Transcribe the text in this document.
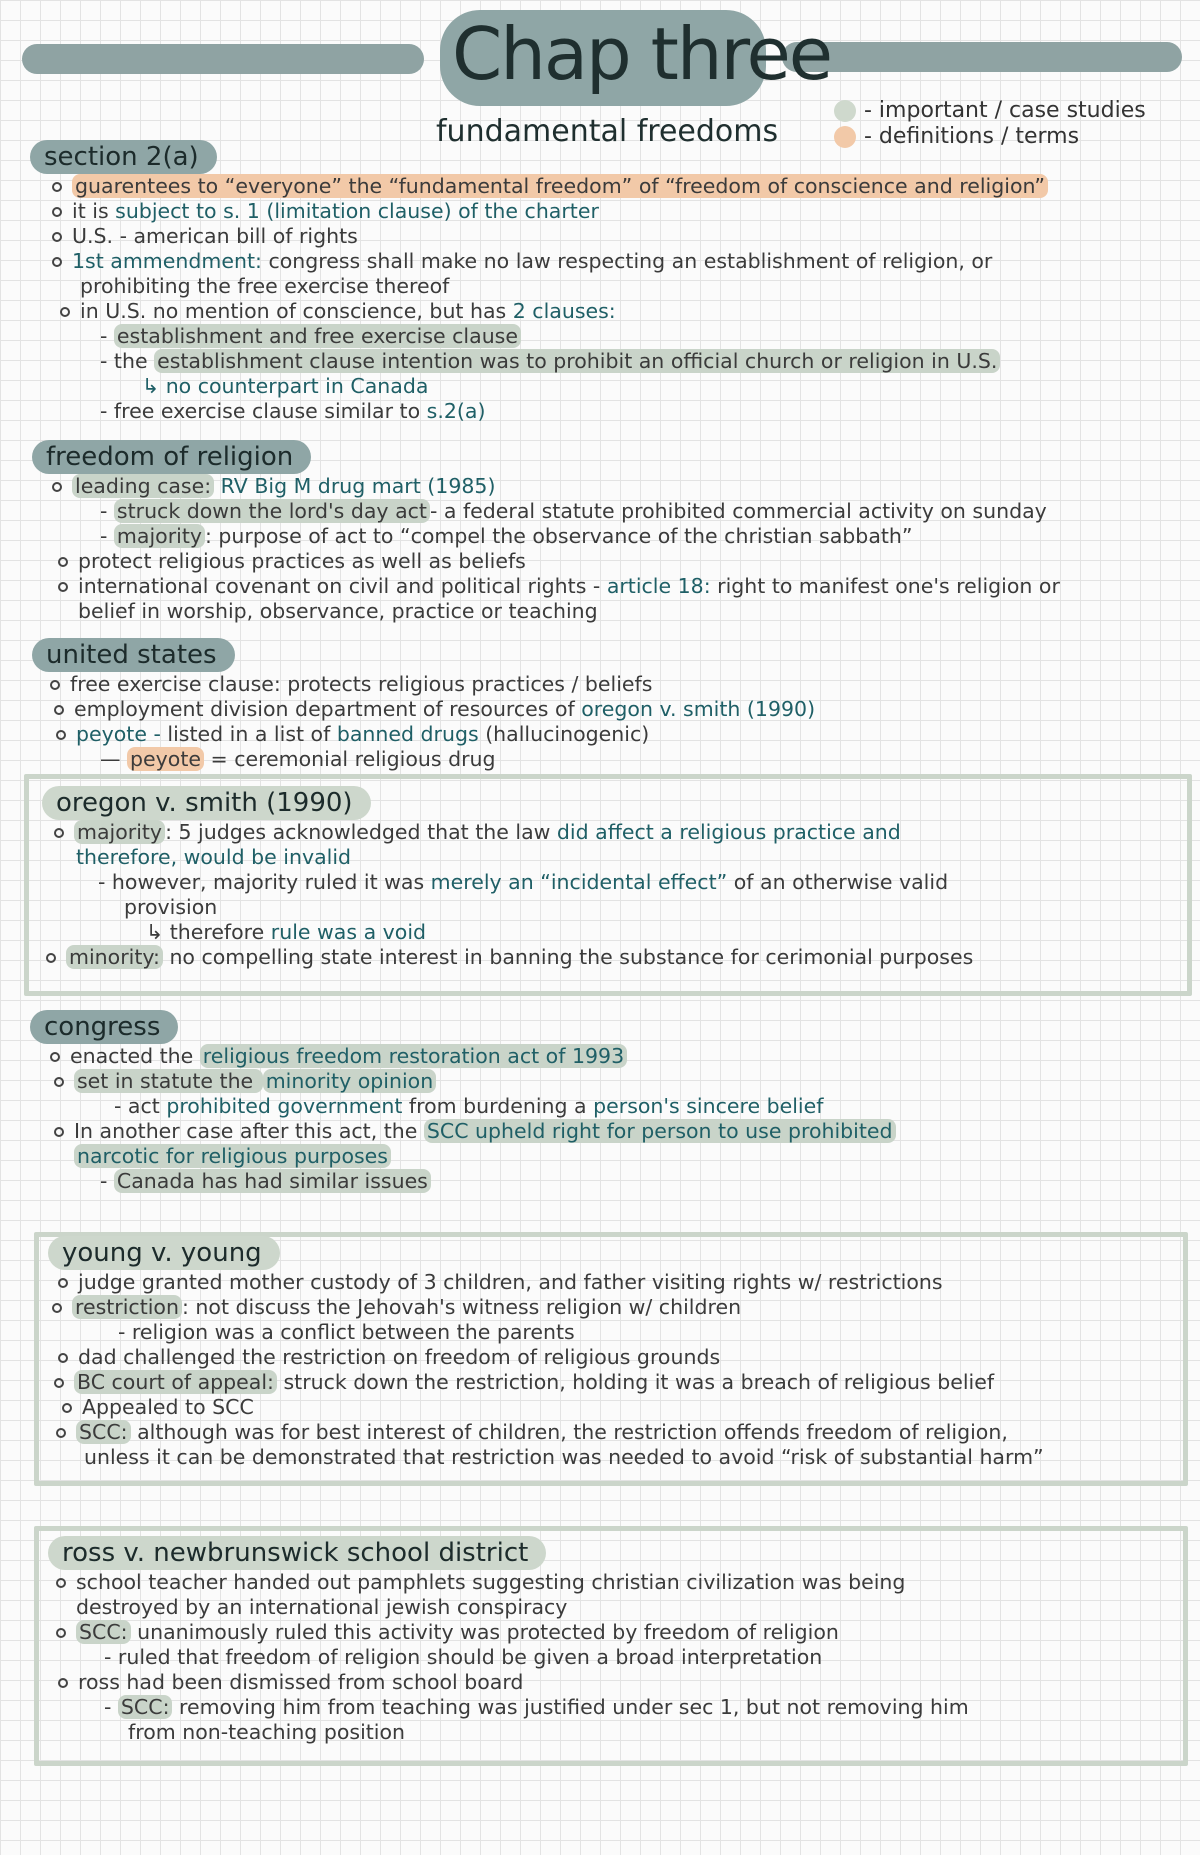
Chap three
fundamental freedoms
- important / case studies
- definitions / terms
section 2(a)
guarentees to “everyone” the “fundamental freedom” of “freedom of conscience and religion”
it is subject to s. 1 (limitation clause) of the charter
U.S. - american bill of rights
1st ammendment: congress shall make no law respecting an establishment of religion, or
prohibiting the free exercise thereof
in U.S. no mention of conscience, but has 2 clauses:
- establishment and free exercise clause
- the establishment clause intention was to prohibit an official church or religion in U.S.
↳ no counterpart in Canada
- free exercise clause similar to s.2(a)
freedom of religion
leading case: RV Big M drug mart (1985)
- struck down the lord's day act - a federal statute prohibited commercial activity on sunday
- majority : purpose of act to “compel the observance of the christian sabbath”
protect religious practices as well as beliefs
international covenant on civil and political rights - article 18: right to manifest one's religion or
belief in worship, observance, practice or teaching
united states
free exercise clause: protects religious practices / beliefs
employment division department of resources of oregon v. smith (1990)
peyote - listed in a list of banned drugs (hallucinogenic)
— peyote = ceremonial religious drug
oregon v. smith (1990)
majority : 5 judges acknowledged that the law did affect a religious practice and
therefore, would be invalid
- however, majority ruled it was merely an “incidental effect” of an otherwise valid
provision
↳ therefore rule was a void
minority: no compelling state interest in banning the substance for cerimonial purposes
congress
enacted the religious freedom restoration act of 1993
set in statute the minority opinion
- act prohibited government from burdening a person's sincere belief
In another case after this act, the SCC upheld right for person to use prohibited
narcotic for religious purposes
- Canada has had similar issues
young v. young
judge granted mother custody of 3 children, and father visiting rights w/ restrictions
restriction : not discuss the Jehovah's witness religion w/ children
- religion was a conflict between the parents
dad challenged the restriction on freedom of religious grounds
BC court of appeal: struck down the restriction, holding it was a breach of religious belief
Appealed to SCC
SCC: although was for best interest of children, the restriction offends freedom of religion,
unless it can be demonstrated that restriction was needed to avoid “risk of substantial harm”
ross v. newbrunswick school district
school teacher handed out pamphlets suggesting christian civilization was being
destroyed by an international jewish conspiracy
SCC: unanimously ruled this activity was protected by freedom of religion
- ruled that freedom of religion should be given a broad interpretation
ross had been dismissed from school board
- SCC: removing him from teaching was justified under sec 1, but not removing him
from non-teaching position
